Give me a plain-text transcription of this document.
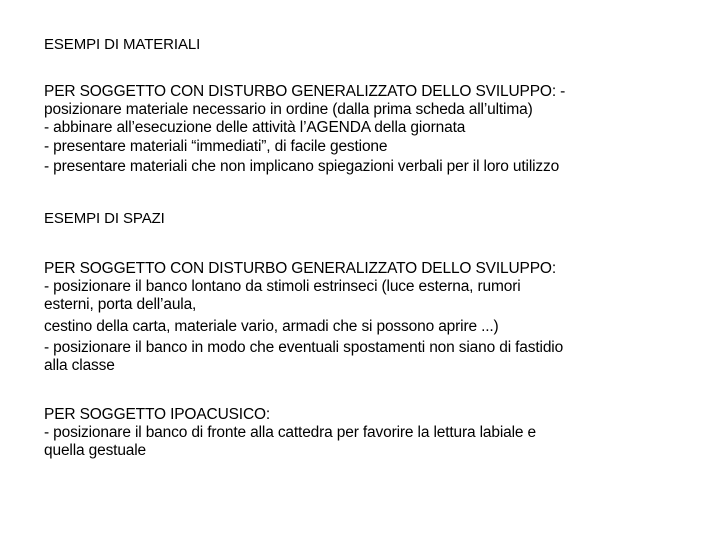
ESEMPI DI MATERIALI
PER SOGGETTO CON DISTURBO GENERALIZZATO DELLO SVILUPPO: -
posizionare materiale necessario in ordine (dalla prima scheda all’ultima)
- abbinare all’esecuzione delle attività l’AGENDA della giornata
- presentare materiali “immediati”, di facile gestione
- presentare materiali che non implicano spiegazioni verbali per il loro utilizzo
ESEMPI DI SPAZI
PER SOGGETTO CON DISTURBO GENERALIZZATO DELLO SVILUPPO:
- posizionare il banco lontano da stimoli estrinseci (luce esterna, rumori
esterni, porta dell’aula,
cestino della carta, materiale vario, armadi che si possono aprire ...)
- posizionare il banco in modo che eventuali spostamenti non siano di fastidio
alla classe
PER SOGGETTO IPOACUSICO:
- posizionare il banco di fronte alla cattedra per favorire la lettura labiale e
quella gestuale
